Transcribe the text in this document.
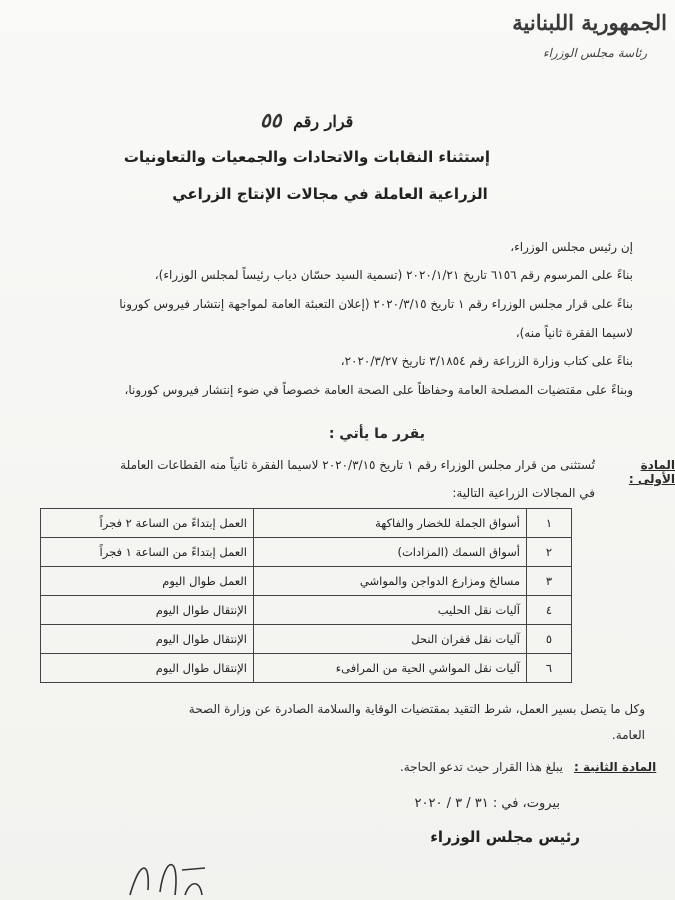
الجمهورية اللبنانية
رئاسة مجلس الوزراء
قرار رقم ٥٥
إستثناء النقابات والاتحادات والجمعيات والتعاونيات
الزراعية العاملة في مجالات الإنتاج الزراعي
إن رئيس مجلس الوزراء،
بناءً على المرسوم رقم ٦١٥٦ تاريخ ٢٠٢٠/١/٢١ (تسمية السيد حسّان دياب رئيساً لمجلس الوزراء)،
بناءً على قرار مجلس الوزراء رقم ١ تاريخ ٢٠٢٠/٣/١٥ (إعلان التعبئة العامة لمواجهة إنتشار فيروس كورونا
لاسيما الفقرة ثانياً منه)،
بناءً على كتاب وزارة الزراعة رقم ٣/١٨٥٤ تاريخ ٢٠٢٠/٣/٢٧،
وبناءً على مقتضيات المصلحة العامة وحفاظاً على الصحة العامة خصوصاً في ضوء إنتشار فيروس كورونا،
يقرر ما يأتي :
المادة الأولى :
تُستثنى من قرار مجلس الوزراء رقم ١ تاريخ ٢٠٢٠/٣/١٥ لاسيما الفقرة ثانياً منه القطاعات العاملة
في المجالات الزراعية التالية:
١	أسواق الجملة للخضار والفاكهة	العمل إبتداءً من الساعة ٢ فجراً
٢	أسواق السمك (المزادات)	العمل إبتداءً من الساعة ١ فجراً
٣	مسالخ ومزارع الدواجن والمواشي	العمل طوال اليوم
٤	آليات نقل الحليب	الإنتقال طوال اليوم
٥	آليات نقل قفران النحل	الإنتقال طوال اليوم
٦	آليات نقل المواشي الحية من المرافىء	الإنتقال طوال اليوم
وكل ما يتصل بسير العمل، شرط التقيد بمقتضيات الوقاية والسلامة الصادرة عن وزارة الصحة
العامة.
المادة الثانية :
يبلغ هذا القرار حيث تدعو الحاجة.
بيروت، في : ٣١ / ٣ / ٢٠٢٠
رئيس مجلس الوزراء
